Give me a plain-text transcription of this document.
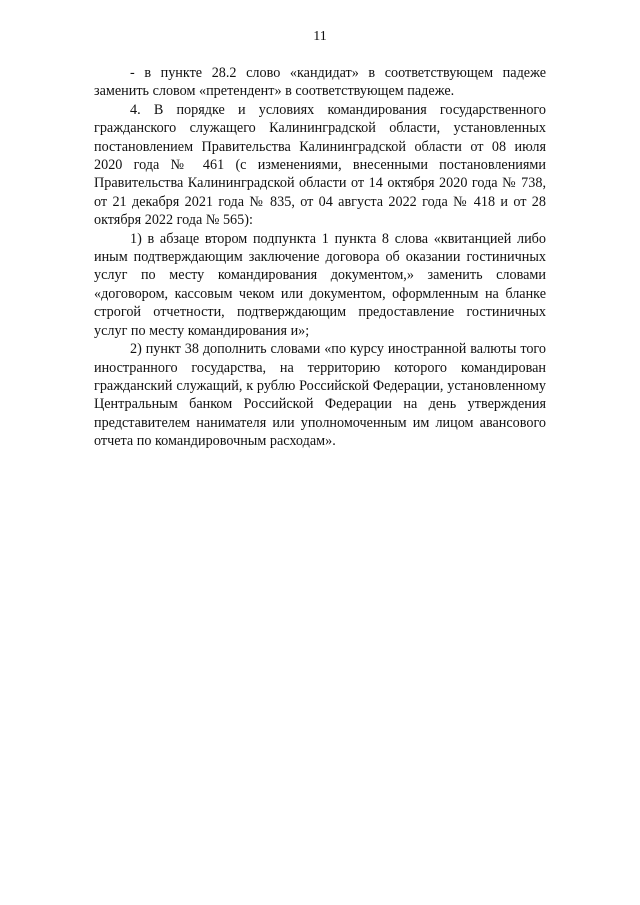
11

- в пункте 28.2 слово «кандидат» в соответствующем падеже заменить словом «претендент» в соответствующем падеже.

4. В порядке и условиях командирования государственного гражданского служащего Калининградской области, установленных постановлением Правительства Калининградской области от 08 июля 2020 года № 461 (с изменениями, внесенными постановлениями Правительства Калининградской области от 14 октября 2020 года № 738, от 21 декабря 2021 года № 835, от 04 августа 2022 года № 418 и от 28 октября 2022 года № 565):

1) в абзаце втором подпункта 1 пункта 8 слова «квитанцией либо иным подтверждающим заключение договора об оказании гостиничных услуг по месту командирования документом,» заменить словами «договором, кассовым чеком или документом, оформленным на бланке строгой отчетности, подтверждающим предоставление гостиничных услуг по месту командирования и»;

2) пункт 38 дополнить словами «по курсу иностранной валюты того иностранного государства, на территорию которого командирован гражданский служащий, к рублю Российской Федерации, установленному Центральным банком Российской Федерации на день утверждения представителем нанимателя или уполномоченным им лицом авансового отчета по командировочным расходам».
